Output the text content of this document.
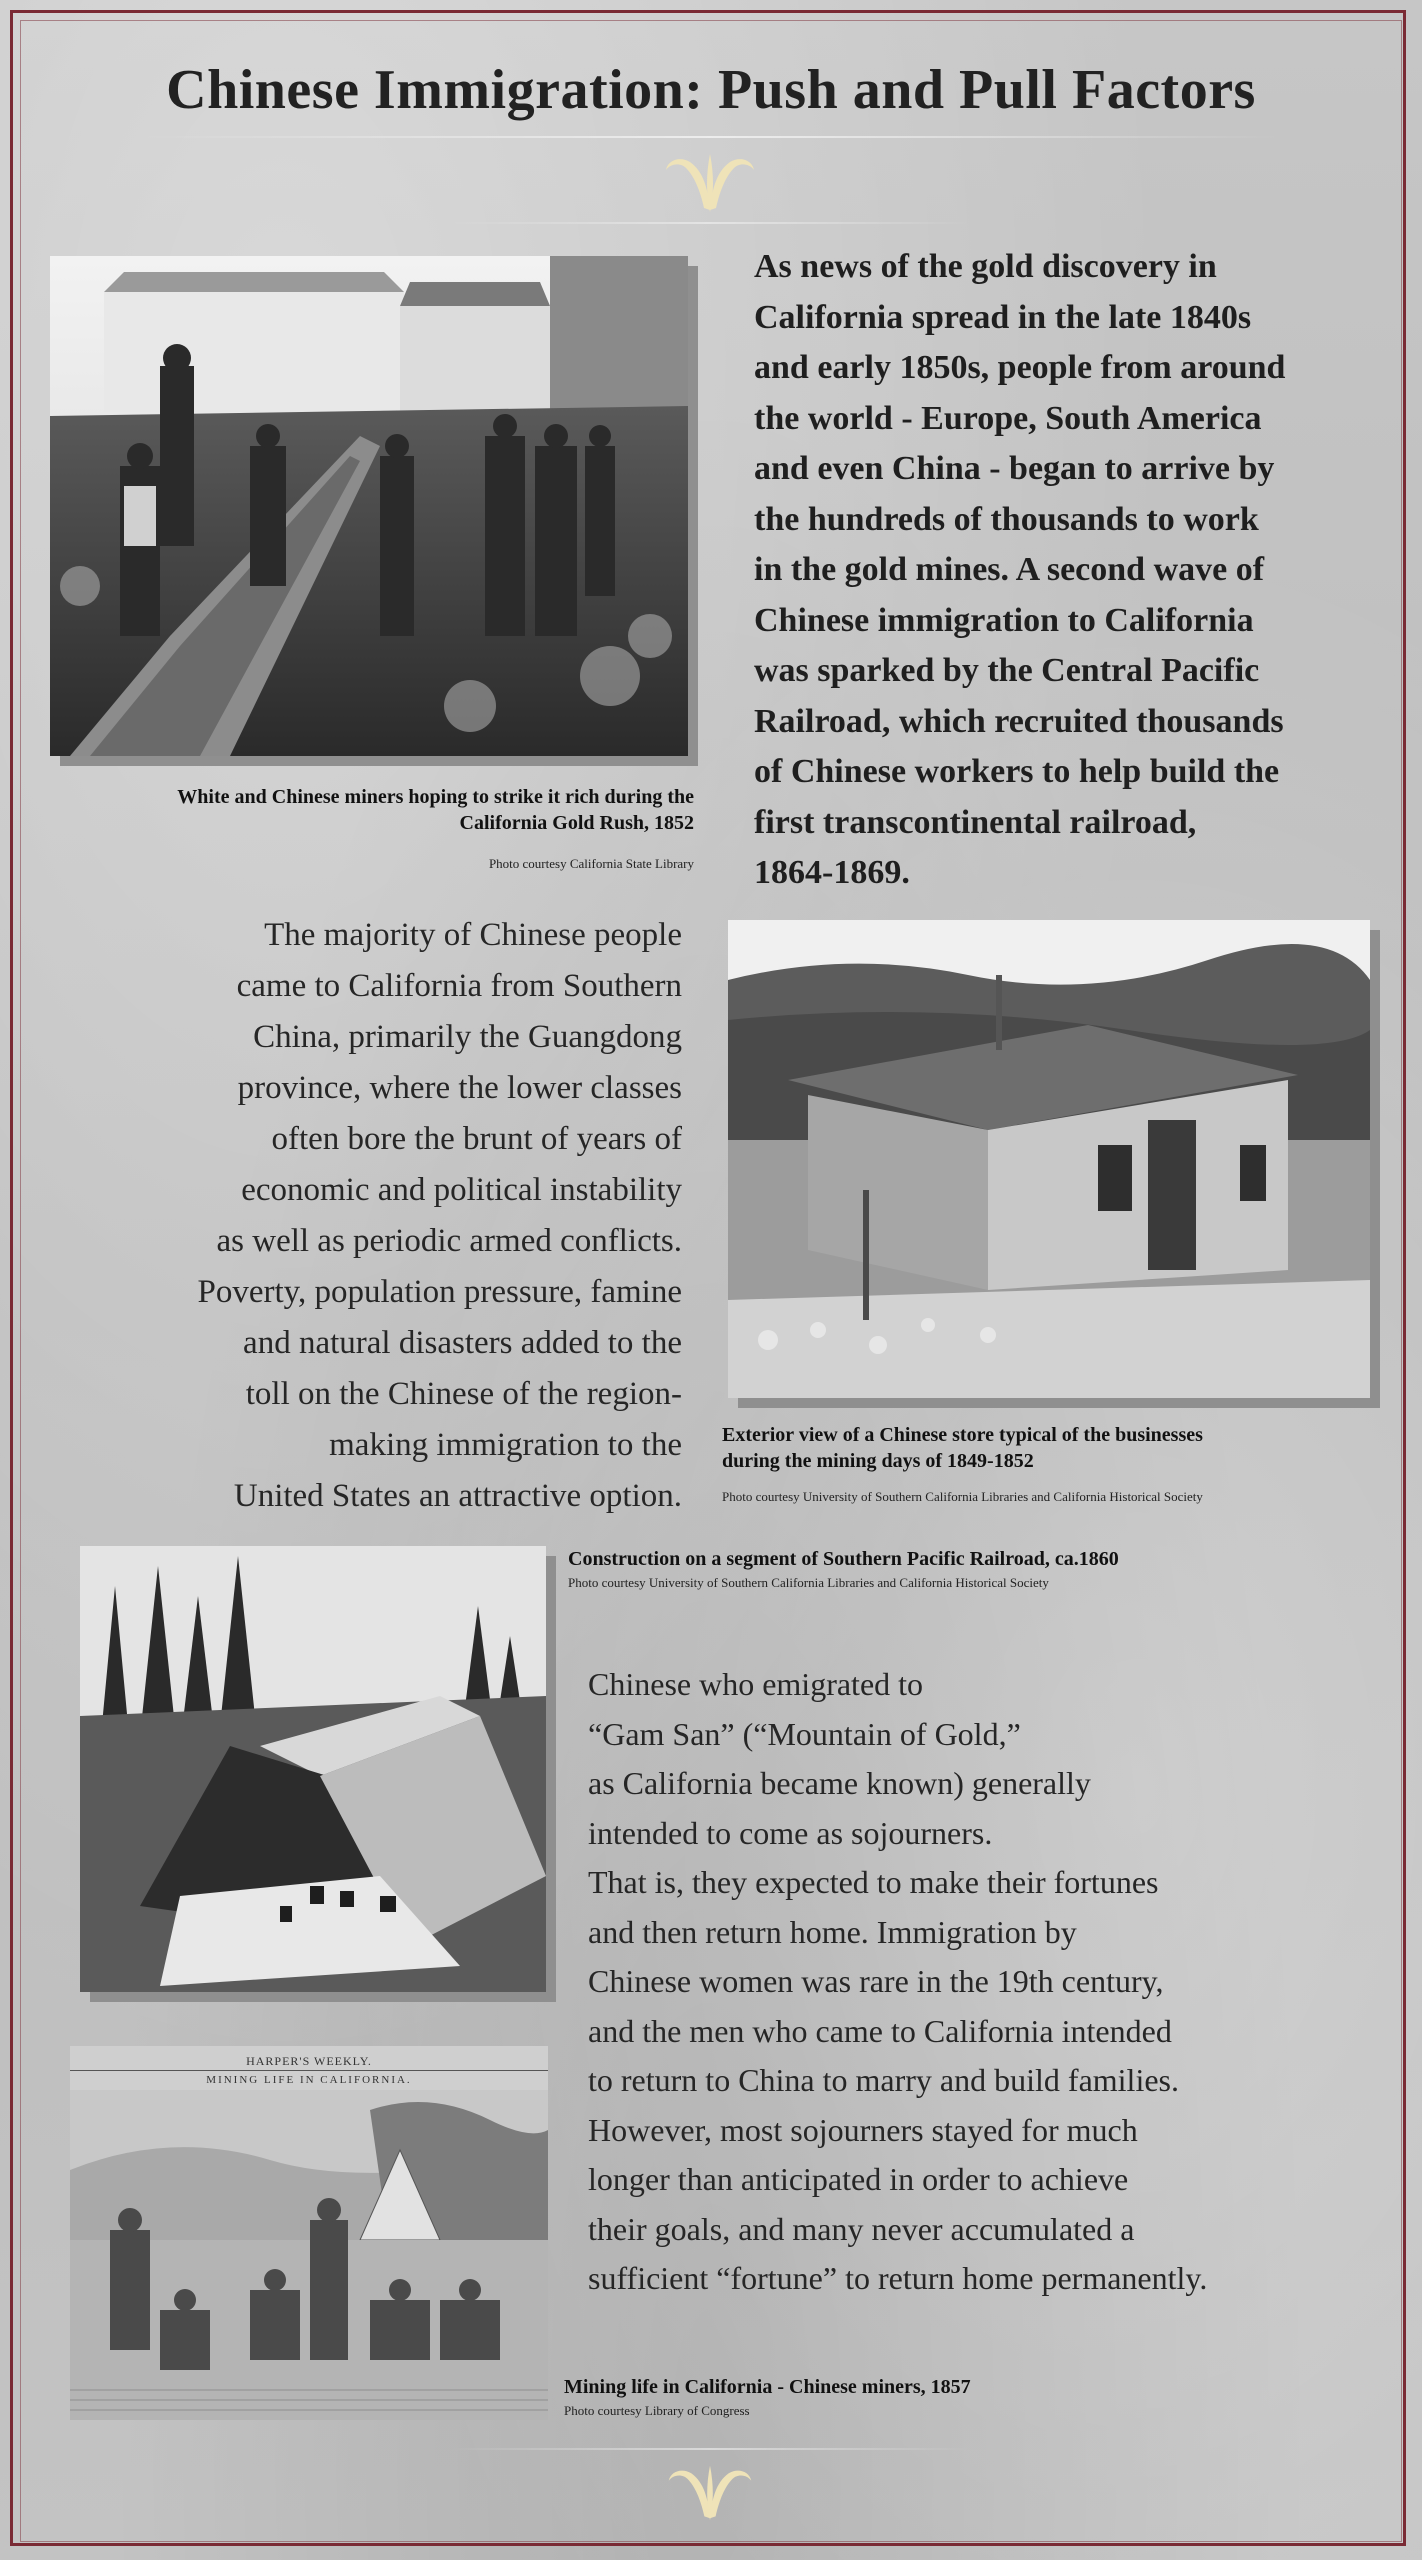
Chinese Immigration: Push and Pull Factors
White and Chinese miners hoping to strike it rich during the
California Gold Rush, 1852
Photo courtesy California State Library
As news of the gold discovery in
California spread in the late 1840s
and early 1850s, people from around
the world - Europe, South America
and even China - began to arrive by
the hundreds of thousands to work
in the gold mines. A second wave of
Chinese immigration to California
was sparked by the Central Pacific
Railroad, which recruited thousands
of Chinese workers to help build the
first transcontinental railroad,
1864-1869.
The majority of Chinese people
came to California from Southern
China, primarily the Guangdong
province, where the lower classes
often bore the brunt of years of
economic and political instability
as well as periodic armed conflicts.
Poverty, population pressure, famine
and natural disasters added to the
toll on the Chinese of the region-
making immigration to the
United States an attractive option.
Exterior view of a Chinese store typical of the businesses
during the mining days of 1849-1852
Photo courtesy University of Southern California Libraries and California Historical Society
Construction on a segment of Southern Pacific Railroad, ca.1860
Photo courtesy University of Southern California Libraries and California Historical Society
Chinese who emigrated to
“Gam San” (“Mountain of Gold,”
as California became known) generally
intended to come as sojourners.
That is, they expected to make their fortunes
and then return home. Immigration by
Chinese women was rare in the 19th century,
and the men who came to California intended
to return to China to marry and build families.
However, most sojourners stayed for much
longer than anticipated in order to achieve
their goals, and many never accumulated a
sufficient “fortune” to return home permanently.
HARPER'S WEEKLY.
MINING LIFE IN CALIFORNIA.
Mining life in California - Chinese miners, 1857
Photo courtesy Library of Congress
